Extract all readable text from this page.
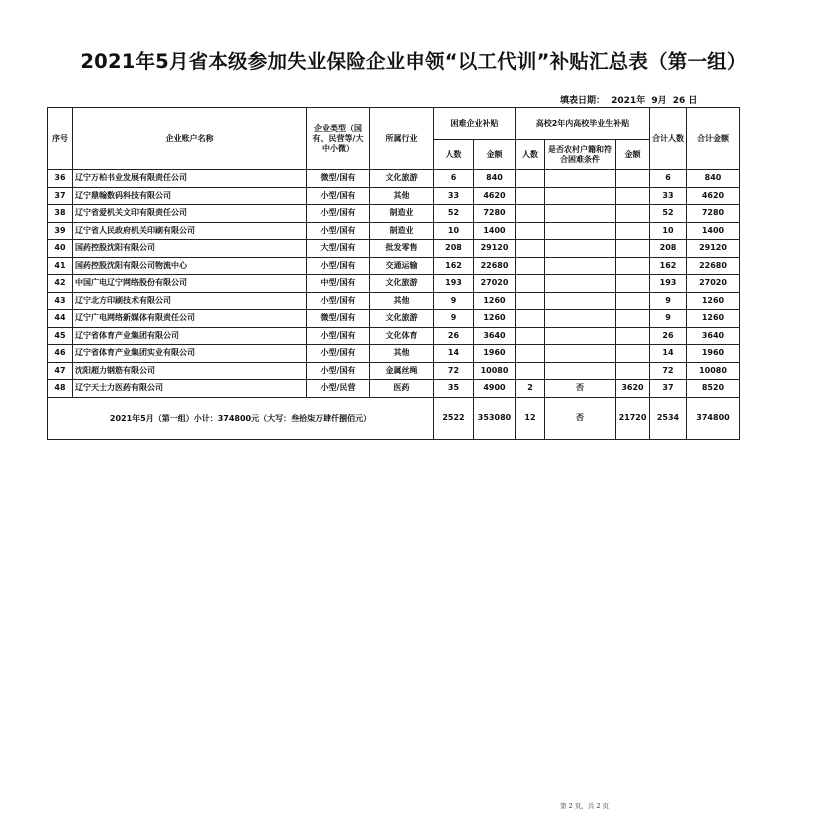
2021年5月省本级参加失业保险企业申领“以工代训”补贴汇总表（第一组）
填表日期： 2021年 9月 26 日
序号	企业账户名称	企业类型（国有、民营等/大中小微）	所属行业	困难企业补贴		高校2年内高校毕业生补贴			合计人数	合计金额
				人数	金额	人数	是否农村户籍和符合困难条件	金额		
36	辽宁万柏书业发展有限责任公司	微型/国有	文化旅游	6	840				6	840
37	辽宁鼎翰数码科技有限公司	小型/国有	其他	33	4620				33	4620
38	辽宁省爱机关文印有限责任公司	小型/国有	制造业	52	7280				52	7280
39	辽宁省人民政府机关印刷有限公司	小型/国有	制造业	10	1400				10	1400
40	国药控股沈阳有限公司	大型/国有	批发零售	208	29120				208	29120
41	国药控股沈阳有限公司物流中心	小型/国有	交通运输	162	22680				162	22680
42	中国广电辽宁网络股份有限公司	中型/国有	文化旅游	193	27020				193	27020
43	辽宁北方印刷技术有限公司	小型/国有	其他	9	1260				9	1260
44	辽宁广电网络新媒体有限责任公司	微型/国有	文化旅游	9	1260				9	1260
45	辽宁省体育产业集团有限公司	小型/国有	文化体育	26	3640				26	3640
46	辽宁省体育产业集团实业有限公司	小型/国有	其他	14	1960				14	1960
47	沈阳超力钢筋有限公司	小型/国有	金属丝绳	72	10080				72	10080
48	辽宁天士力医药有限公司	小型/民营	医药	35	4900	2	否	3620	37	8520
2021年5月（第一组）小计：374800元（大写：叁拾柒万肆仟捌佰元）				2522	353080	12	否	21720	2534	374800
第 2 页，共 2 页
